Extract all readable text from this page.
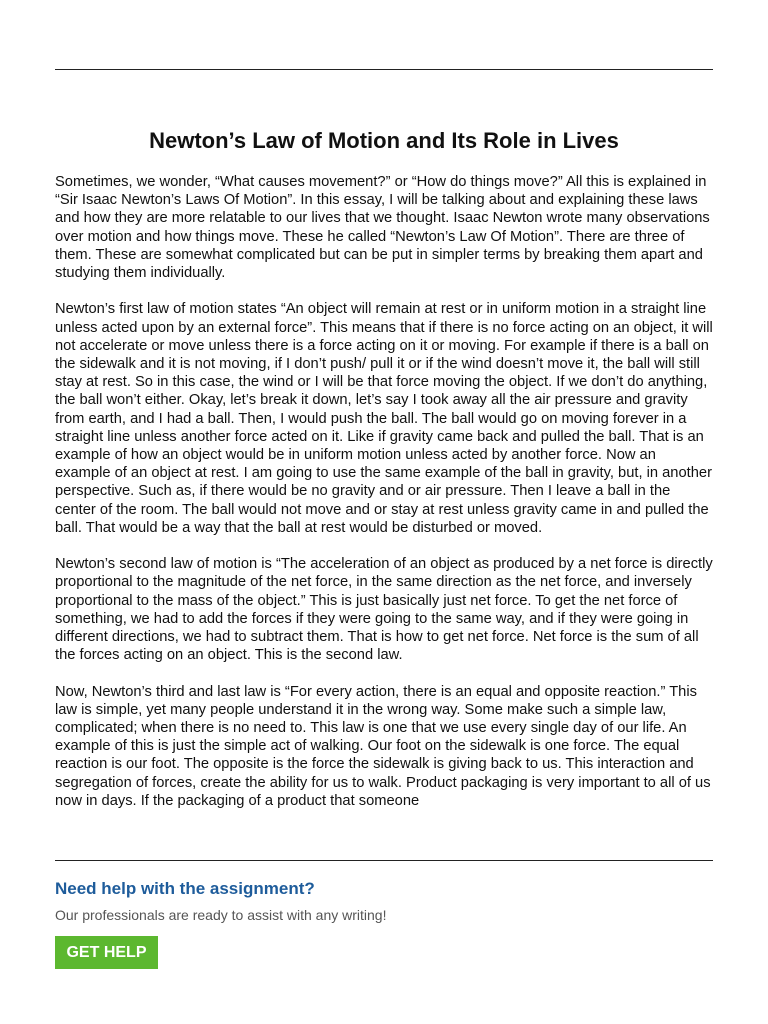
Newton’s Law of Motion and Its Role in Lives

Sometimes, we wonder, “What causes movement?” or “How do things move?” All this is explained in “Sir Isaac Newton’s Laws Of Motion”. In this essay, I will be talking about and explaining these laws and how they are more relatable to our lives that we thought. Isaac Newton wrote many observations over motion and how things move. These he called “Newton’s Law Of Motion”. There are three of them. These are somewhat complicated but can be put in simpler terms by breaking them apart and studying them individually.

Newton’s first law of motion states “An object will remain at rest or in uniform motion in a straight line unless acted upon by an external force”. This means that if there is no force acting on an object, it will not accelerate or move unless there is a force acting on it or moving. For example if there is a ball on the sidewalk and it is not moving, if I don’t push/ pull it or if the wind doesn’t move it, the ball will still stay at rest. So in this case, the wind or I will be that force moving the object. If we don’t do anything, the ball won’t either. Okay, let’s break it down, let’s say I took away all the air pressure and gravity from earth, and I had a ball. Then, I would push the ball. The ball would go on moving forever in a straight line unless another force acted on it. Like if gravity came back and pulled the ball. That is an example of how an object would be in uniform motion unless acted by another force. Now an example of an object at rest. I am going to use the same example of the ball in gravity, but, in another perspective. Such as, if there would be no gravity and or air pressure. Then I leave a ball in the center of the room. The ball would not move and or stay at rest unless gravity came in and pulled the ball. That would be a way that the ball at rest would be disturbed or moved.

Newton’s second law of motion is “The acceleration of an object as produced by a net force is directly proportional to the magnitude of the net force, in the same direction as the net force, and inversely proportional to the mass of the object.” This is just basically just net force. To get the net force of something, we had to add the forces if they were going to the same way, and if they were going in different directions, we had to subtract them. That is how to get net force. Net force is the sum of all the forces acting on an object. This is the second law.

Now, Newton’s third and last law is “For every action, there is an equal and opposite reaction.” This law is simple, yet many people understand it in the wrong way. Some make such a simple law, complicated; when there is no need to. This law is one that we use every single day of our life. An example of this is just the simple act of walking. Our foot on the sidewalk is one force. The equal reaction is our foot. The opposite is the force the sidewalk is giving back to us. This interaction and segregation of forces, create the ability for us to walk. Product packaging is very important to all of us now in days. If the packaging of a product that someone

Need help with the assignment?

Our professionals are ready to assist with any writing!

GET HELP
